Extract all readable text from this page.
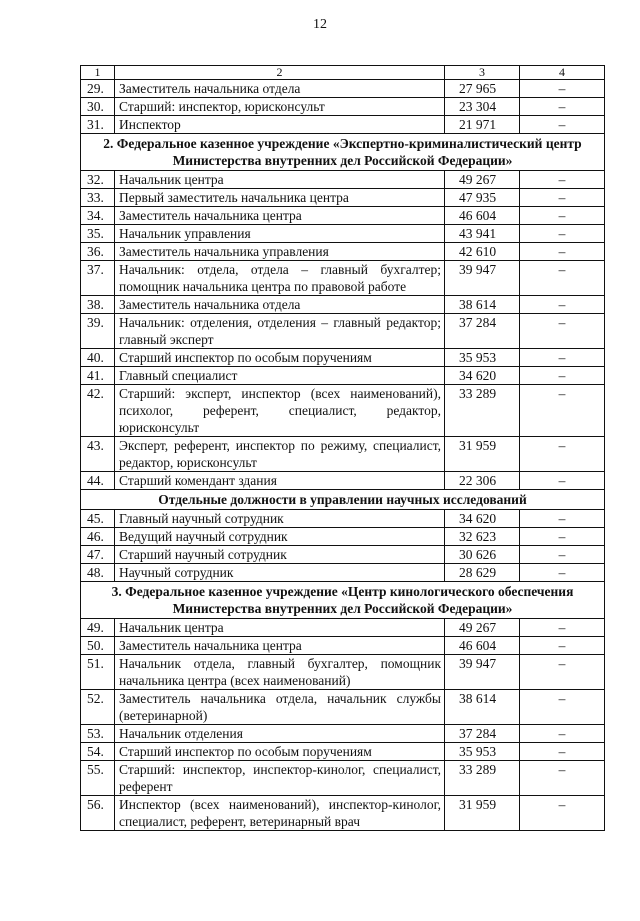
12
1	2	3	4
29.	Заместитель начальника отдела	27 965	–
30.	Старший: инспектор, юрисконсульт	23 304	–
31.	Инспектор	21 971	–
2. Федеральное казенное учреждение «Экспертно-криминалистический центр Министерства внутренних дел Российской Федерации»			
32.	Начальник центра	49 267	–
33.	Первый заместитель начальника центра	47 935	–
34.	Заместитель начальника центра	46 604	–
35.	Начальник управления	43 941	–
36.	Заместитель начальника управления	42 610	–
37.	Начальник: отдела, отдела – главный бухгалтер; помощник начальника центра по правовой работе	39 947	–
38.	Заместитель начальника отдела	38 614	–
39.	Начальник: отделения, отделения – главный редактор; главный эксперт	37 284	–
40.	Старший инспектор по особым поручениям	35 953	–
41.	Главный специалист	34 620	–
42.	Старший: эксперт, инспектор (всех наименований), психолог, референт, специалист, редактор, юрисконсульт	33 289	–
43.	Эксперт, референт, инспектор по режиму, специалист, редактор, юрисконсульт	31 959	–
44.	Старший комендант здания	22 306	–
Отдельные должности в управлении научных исследований			
45.	Главный научный сотрудник	34 620	–
46.	Ведущий научный сотрудник	32 623	–
47.	Старший научный сотрудник	30 626	–
48.	Научный сотрудник	28 629	–
3. Федеральное казенное учреждение «Центр кинологического обеспечения Министерства внутренних дел Российской Федерации»			
49.	Начальник центра	49 267	–
50.	Заместитель начальника центра	46 604	–
51.	Начальник отдела, главный бухгалтер, помощник начальника центра (всех наименований)	39 947	–
52.	Заместитель начальника отдела, начальник службы (ветеринарной)	38 614	–
53.	Начальник отделения	37 284	–
54.	Старший инспектор по особым поручениям	35 953	–
55.	Старший: инспектор, инспектор-кинолог, специалист, референт	33 289	–
56.	Инспектор (всех наименований), инспектор-кинолог, специалист, референт, ветеринарный врач	31 959	–
